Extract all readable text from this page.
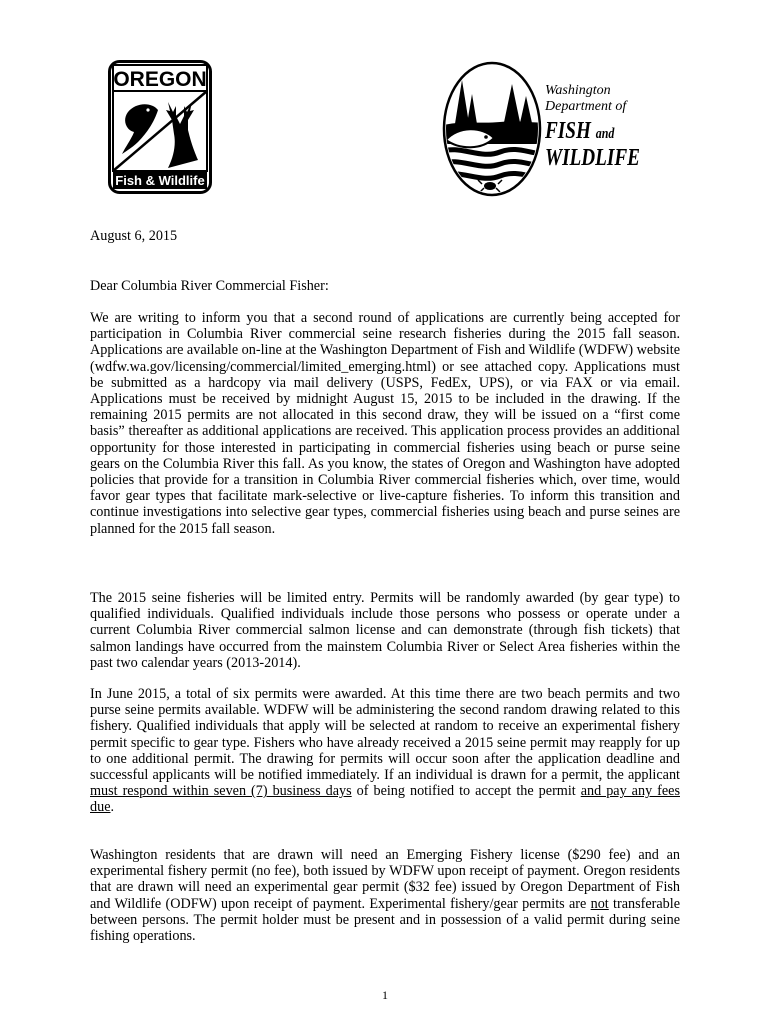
OREGON
Fish & Wildlife
Washington
Department of
FISH and
WILDLIFE
August 6, 2015
Dear Columbia River Commercial Fisher:

We are writing to inform you that a second round of applications are currently being accepted for participation in Columbia River commercial seine research fisheries during the 2015 fall season. Applications are available on-line at the Washington Department of Fish and Wildlife (WDFW) website (wdfw.wa.gov/licensing/commercial/limited_emerging.html) or see attached copy. Applications must be submitted as a hardcopy via mail delivery (USPS, FedEx, UPS), or via FAX or via email. Applications must be received by midnight August 15, 2015 to be included in the drawing. If the remaining 2015 permits are not allocated in this second draw, they will be issued on a “first come basis” thereafter as additional applications are received. This application process provides an additional opportunity for those interested in participating in commercial fisheries using beach or purse seine gears on the Columbia River this fall. As you know, the states of Oregon and Washington have adopted policies that provide for a transition in Columbia River commercial fisheries which, over time, would favor gear types that facilitate mark-selective or live-capture fisheries. To inform this transition and continue investigations into selective gear types, commercial fisheries using beach and purse seines are planned for the 2015 fall season.

The 2015 seine fisheries will be limited entry. Permits will be randomly awarded (by gear type) to qualified individuals. Qualified individuals include those persons who possess or operate under a current Columbia River commercial salmon license and can demonstrate (through fish tickets) that salmon landings have occurred from the mainstem Columbia River or Select Area fisheries within the past two calendar years (2013-2014).

In June 2015, a total of six permits were awarded. At this time there are two beach permits and two purse seine permits available. WDFW will be administering the second random drawing related to this fishery. Qualified individuals that apply will be selected at random to receive an experimental fishery permit specific to gear type. Fishers who have already received a 2015 seine permit may reapply for up to one additional permit. The drawing for permits will occur soon after the application deadline and successful applicants will be notified immediately. If an individual is drawn for a permit, the applicant must respond within seven (7) business days of being notified to accept the permit and pay any fees due.

Washington residents that are drawn will need an Emerging Fishery license ($290 fee) and an experimental fishery permit (no fee), both issued by WDFW upon receipt of payment. Oregon residents that are drawn will need an experimental gear permit ($32 fee) issued by Oregon Department of Fish and Wildlife (ODFW) upon receipt of payment. Experimental fishery/gear permits are not transferable between persons. The permit holder must be present and in possession of a valid permit during seine fishing operations.

1
